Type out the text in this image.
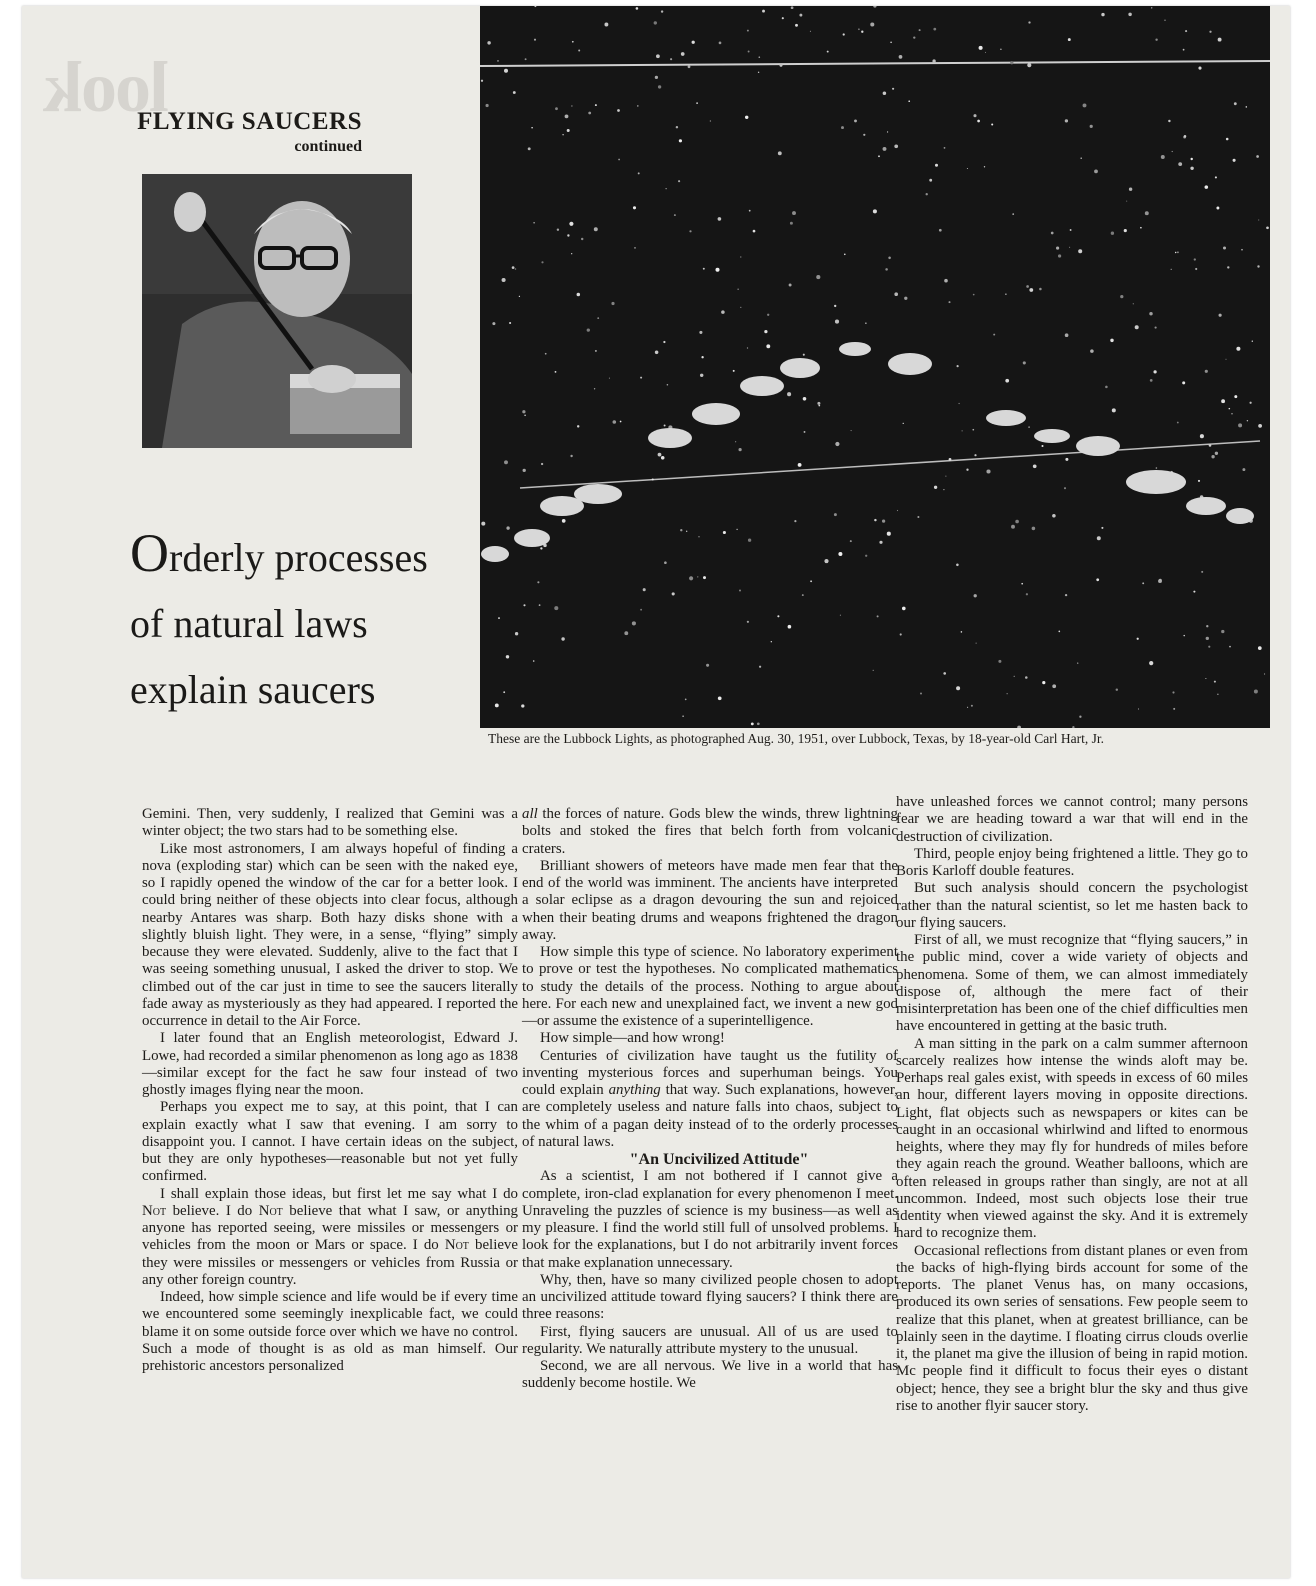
look
FLYING SAUCERS
continued
Orderly processes
of natural laws
explain saucers
These are the Lubbock Lights, as photographed Aug. 30, 1951, over Lubbock, Texas, by 18-year-old Carl Hart, Jr.

Gemini. Then, very suddenly, I realized that Gemini was a winter object; the two stars had to be something else.

Like most astronomers, I am always hopeful of finding a nova (exploding star) which can be seen with the naked eye, so I rapidly opened the window of the car for a better look. I could bring neither of these objects into clear focus, although nearby Antares was sharp. Both hazy disks shone with a slightly bluish light. They were, in a sense, “flying” simply because they were elevated. Suddenly, alive to the fact that I was seeing something unusual, I asked the driver to stop. We climbed out of the car just in time to see the saucers literally fade away as mysteriously as they had appeared. I reported the occurrence in detail to the Air Force.

I later found that an English meteorologist, Edward J. Lowe, had recorded a similar phenomenon as long ago as 1838—similar except for the fact he saw four instead of two ghostly images flying near the moon.

Perhaps you expect me to say, at this point, that I can explain exactly what I saw that evening. I am sorry to disappoint you. I cannot. I have certain ideas on the subject, but they are only hypotheses—reasonable but not yet fully confirmed.

I shall explain those ideas, but first let me say what I do Not believe. I do Not believe that what I saw, or anything anyone has reported seeing, were missiles or messengers or vehicles from the moon or Mars or space. I do Not believe they were missiles or messengers or vehicles from Russia or any other foreign country.

Indeed, how simple science and life would be if every time we encountered some seemingly inexplicable fact, we could blame it on some outside force over which we have no control. Such a mode of thought is as old as man himself. Our prehistoric ancestors personalized

all the forces of nature. Gods blew the winds, threw lightning bolts and stoked the fires that belch forth from volcanic craters.

Brilliant showers of meteors have made men fear that the end of the world was imminent. The ancients have interpreted a solar eclipse as a dragon devouring the sun and rejoiced when their beating drums and weapons frightened the dragon away.

How simple this type of science. No laboratory experiment to prove or test the hypotheses. No complicated mathematics to study the details of the process. Nothing to argue about here. For each new and unexplained fact, we invent a new god—or assume the existence of a superintelligence.

How simple—and how wrong!

Centuries of civilization have taught us the futility of inventing mysterious forces and superhuman beings. You could explain anything that way. Such explanations, however, are completely useless and nature falls into chaos, subject to the whim of a pagan deity instead of to the orderly processes of natural laws.

"An Uncivilized Attitude"

As a scientist, I am not bothered if I cannot give a complete, iron-clad explanation for every phenomenon I meet. Unraveling the puzzles of science is my business—as well as my pleasure. I find the world still full of unsolved problems. I look for the explanations, but I do not arbitrarily invent forces that make explanation unnecessary.

Why, then, have so many civilized people chosen to adopt an uncivilized attitude toward flying saucers? I think there are three reasons:

First, flying saucers are unusual. All of us are used to regularity. We naturally attribute mystery to the unusual.

Second, we are all nervous. We live in a world that has suddenly become hostile. We

have unleashed forces we cannot control; many persons fear we are heading toward a war that will end in the destruction of civilization.

Third, people enjoy being frightened a little. They go to Boris Karloff double features.

But such analysis should concern the psychologist rather than the natural scientist, so let me hasten back to our flying saucers.

First of all, we must recognize that “flying saucers,” in the public mind, cover a wide variety of objects and phenomena. Some of them, we can almost immediately dispose of, although the mere fact of their misinterpretation has been one of the chief difficulties men have encountered in getting at the basic truth.

A man sitting in the park on a calm summer afternoon scarcely realizes how intense the winds aloft may be. Perhaps real gales exist, with speeds in excess of 60 miles an hour, different layers moving in opposite directions. Light, flat objects such as newspapers or kites can be caught in an occasional whirlwind and lifted to enormous heights, where they may fly for hundreds of miles before they again reach the ground. Weather balloons, which are often released in groups rather than singly, are not at all uncommon. Indeed, most such objects lose their true identity when viewed against the sky. And it is extremely hard to recognize them.

Occasional reflections from distant planes or even from the backs of high-flying birds account for some of the reports. The planet Venus has, on many occasions, produced its own series of sensations. Few people seem to realize that this planet, when at greatest brilliance, can be plainly seen in the daytime. I floating cirrus clouds overlie it, the planet ma give the illusion of being in rapid motion. Mc people find it difficult to focus their eyes o distant object; hence, they see a bright blur the sky and thus give rise to another flyir saucer story.
